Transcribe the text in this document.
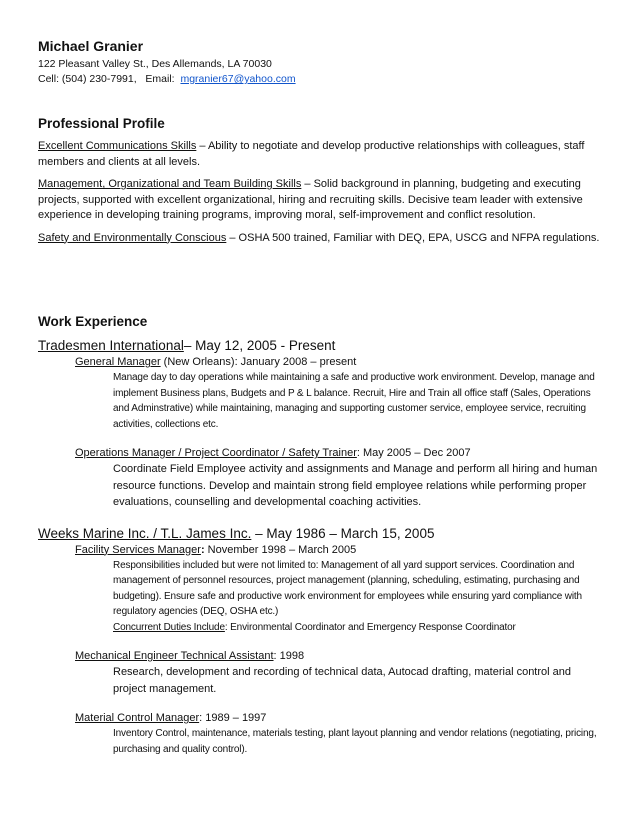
Michael Granier
122 Pleasant Valley St., Des Allemands, LA 70030
Cell: (504) 230-7991, Email: mgranier67@yahoo.com
Professional Profile

Excellent Communications Skills – Ability to negotiate and develop productive relationships with colleagues, staff members and clients at all levels.

Management, Organizational and Team Building Skills – Solid background in planning, budgeting and executing projects, supported with excellent organizational, hiring and recruiting skills. Decisive team leader with extensive experience in developing training programs, improving moral, self-improvement and conflict resolution.

Safety and Environmentally Conscious – OSHA 500 trained, Familiar with DEQ, EPA, USCG and NFPA regulations.

Work Experience
Tradesmen International– May 12, 2005 - Present
General Manager (New Orleans): January 2008 – present
Manage day to day operations while maintaining a safe and productive work environment. Develop, manage and implement Business plans, Budgets and P & L balance. Recruit, Hire and Train all office staff (Sales, Operations and Adminstrative) while maintaining, managing and supporting customer service, employee service, recruiting activities, collections etc.
Operations Manager / Project Coordinator / Safety Trainer: May 2005 – Dec 2007
Coordinate Field Employee activity and assignments and Manage and perform all hiring and human resource functions. Develop and maintain strong field employee relations while performing proper evaluations, counselling and developmental coaching activities.
Weeks Marine Inc. / T.L. James Inc. – May 1986 – March 15, 2005
Facility Services Manager: November 1998 – March 2005
Responsibilities included but were not limited to: Management of all yard support services. Coordination and management of personnel resources, project management (planning, scheduling, estimating, purchasing and budgeting). Ensure safe and productive work environment for employees while ensuring yard compliance with regulatory agencies (DEQ, OSHA etc.)
Concurrent Duties Include: Environmental Coordinator and Emergency Response Coordinator
Mechanical Engineer Technical Assistant: 1998
Research, development and recording of technical data, Autocad drafting, material control and project management.
Material Control Manager: 1989 – 1997
Inventory Control, maintenance, materials testing, plant layout planning and vendor relations (negotiating, pricing, purchasing and quality control).
